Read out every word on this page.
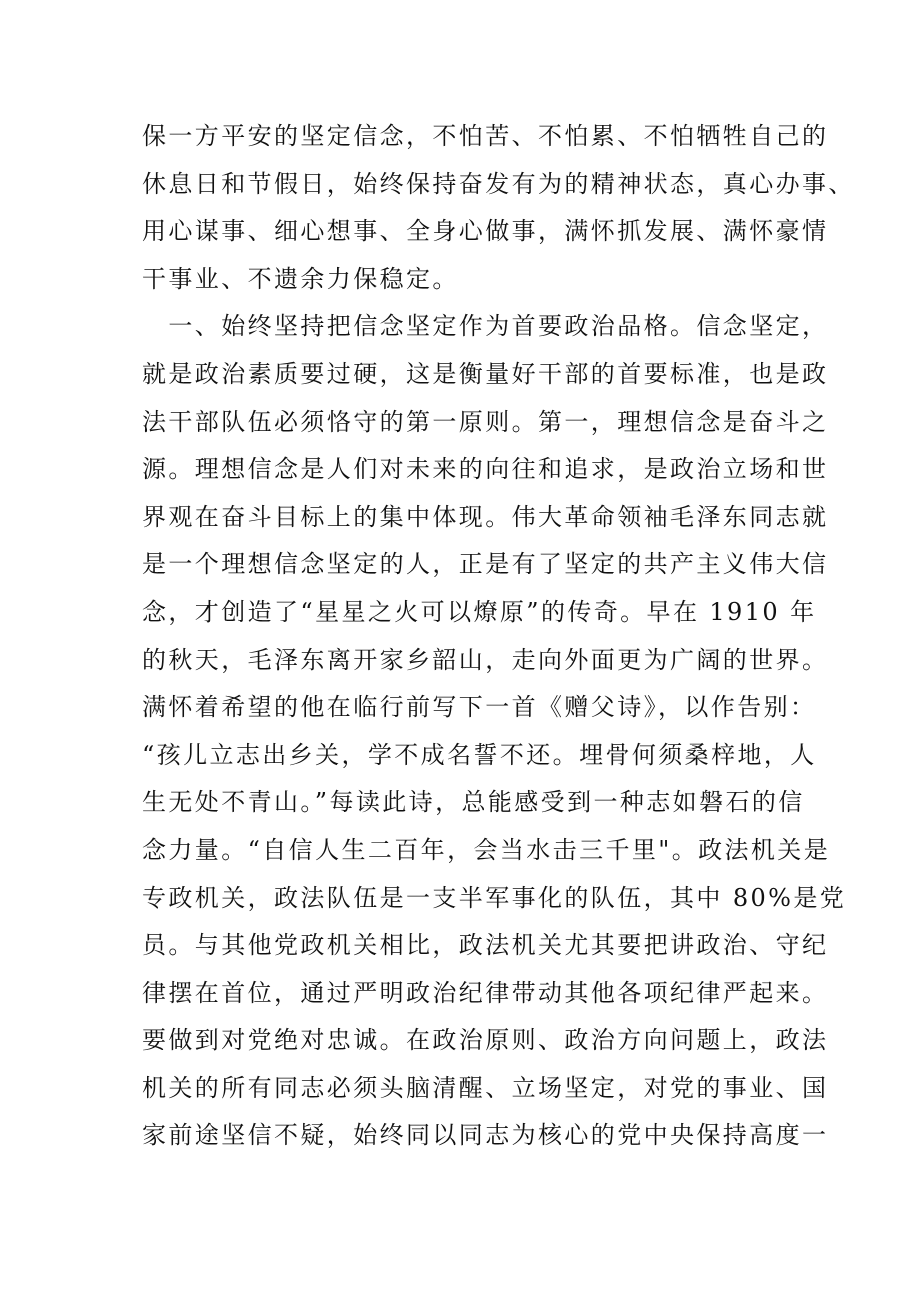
保一方平安的坚定信念，不怕苦、不怕累、不怕牺牲自己的
休息日和节假日，始终保持奋发有为的精神状态，真心办事、
用心谋事、细心想事、全身心做事，满怀抓发展、满怀豪情
干事业、不遗余力保稳定。
　一、始终坚持把信念坚定作为首要政治品格。信念坚定，
就是政治素质要过硬，这是衡量好干部的首要标准，也是政
法干部队伍必须恪守的第一原则。第一，理想信念是奋斗之
源。理想信念是人们对未来的向往和追求，是政治立场和世
界观在奋斗目标上的集中体现。伟大革命领袖毛泽东同志就
是一个理想信念坚定的人，正是有了坚定的共产主义伟大信
念，才创造了“星星之火可以燎原”的传奇。早在 1910 年
的秋天，毛泽东离开家乡韶山，走向外面更为广阔的世界。
满怀着希望的他在临行前写下一首《赠父诗》，以作告别：
“孩儿立志出乡关，学不成名誓不还。埋骨何须桑梓地，人
生无处不青山。”每读此诗，总能感受到一种志如磐石的信
念力量。“自信人生二百年，会当水击三千里"。政法机关是
专政机关，政法队伍是一支半军事化的队伍，其中 80%是党
员。与其他党政机关相比，政法机关尤其要把讲政治、守纪
律摆在首位，通过严明政治纪律带动其他各项纪律严起来。
要做到对党绝对忠诚。在政治原则、政治方向问题上，政法
机关的所有同志必须头脑清醒、立场坚定，对党的事业、国
家前途坚信不疑，始终同以同志为核心的党中央保持高度一
